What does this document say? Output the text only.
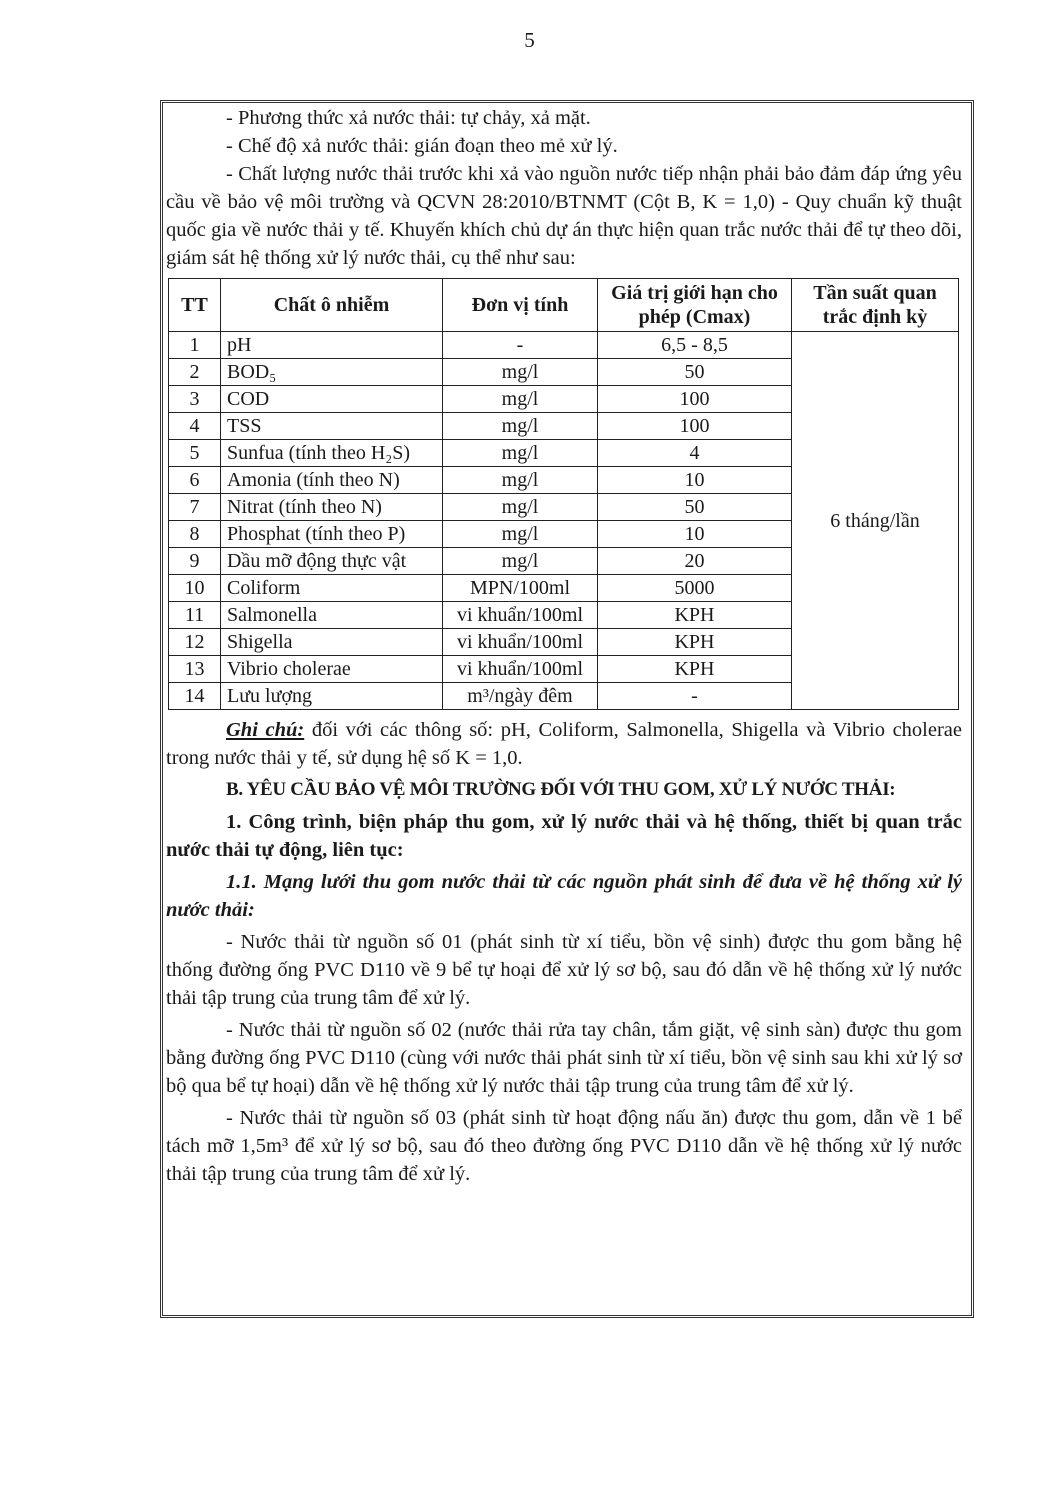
5

- Phương thức xả nước thải: tự chảy, xả mặt.

- Chế độ xả nước thải: gián đoạn theo mẻ xử lý.

- Chất lượng nước thải trước khi xả vào nguồn nước tiếp nhận phải bảo đảm đáp ứng yêu cầu về bảo vệ môi trường và QCVN 28:2010/BTNMT (Cột B, K = 1,0) - Quy chuẩn kỹ thuật quốc gia về nước thải y tế. Khuyến khích chủ dự án thực hiện quan trắc nước thải để tự theo dõi, giám sát hệ thống xử lý nước thải, cụ thể như sau:

TT	Chất ô nhiễm	Đơn vị tính	Giá trị giới hạn cho phép (Cmax)	Tần suất quan trắc định kỳ
1	pH	-	6,5 - 8,5	6 tháng/lần
2	BOD₅	mg/l	50	
3	COD	mg/l	100	
4	TSS	mg/l	100	
5	Sunfua (tính theo H₂S)	mg/l	4	
6	Amonia (tính theo N)	mg/l	10	
7	Nitrat (tính theo N)	mg/l	50	
8	Phosphat (tính theo P)	mg/l	10	
9	Dầu mỡ động thực vật	mg/l	20	
10	Coliform	MPN/100ml	5000	
11	Salmonella	vi khuẩn/100ml	KPH	
12	Shigella	vi khuẩn/100ml	KPH	
13	Vibrio cholerae	vi khuẩn/100ml	KPH	
14	Lưu lượng	m³/ngày đêm	-	

Ghi chú: đối với các thông số: pH, Coliform, Salmonella, Shigella và Vibrio cholerae trong nước thải y tế, sử dụng hệ số K = 1,0.

B. YÊU CẦU BẢO VỆ MÔI TRƯỜNG ĐỐI VỚI THU GOM, XỬ LÝ NƯỚC THẢI:

1. Công trình, biện pháp thu gom, xử lý nước thải và hệ thống, thiết bị quan trắc nước thải tự động, liên tục:

1.1. Mạng lưới thu gom nước thải từ các nguồn phát sinh để đưa về hệ thống xử lý nước thải:

- Nước thải từ nguồn số 01 (phát sinh từ xí tiểu, bồn vệ sinh) được thu gom bằng hệ thống đường ống PVC D110 về 9 bể tự hoại để xử lý sơ bộ, sau đó dẫn về hệ thống xử lý nước thải tập trung của trung tâm để xử lý.

- Nước thải từ nguồn số 02 (nước thải rửa tay chân, tắm giặt, vệ sinh sàn) được thu gom bằng đường ống PVC D110 (cùng với nước thải phát sinh từ xí tiểu, bồn vệ sinh sau khi xử lý sơ bộ qua bể tự hoại) dẫn về hệ thống xử lý nước thải tập trung của trung tâm để xử lý.

- Nước thải từ nguồn số 03 (phát sinh từ hoạt động nấu ăn) được thu gom, dẫn về 1 bể tách mỡ 1,5m³ để xử lý sơ bộ, sau đó theo đường ống PVC D110 dẫn về hệ thống xử lý nước thải tập trung của trung tâm để xử lý.
